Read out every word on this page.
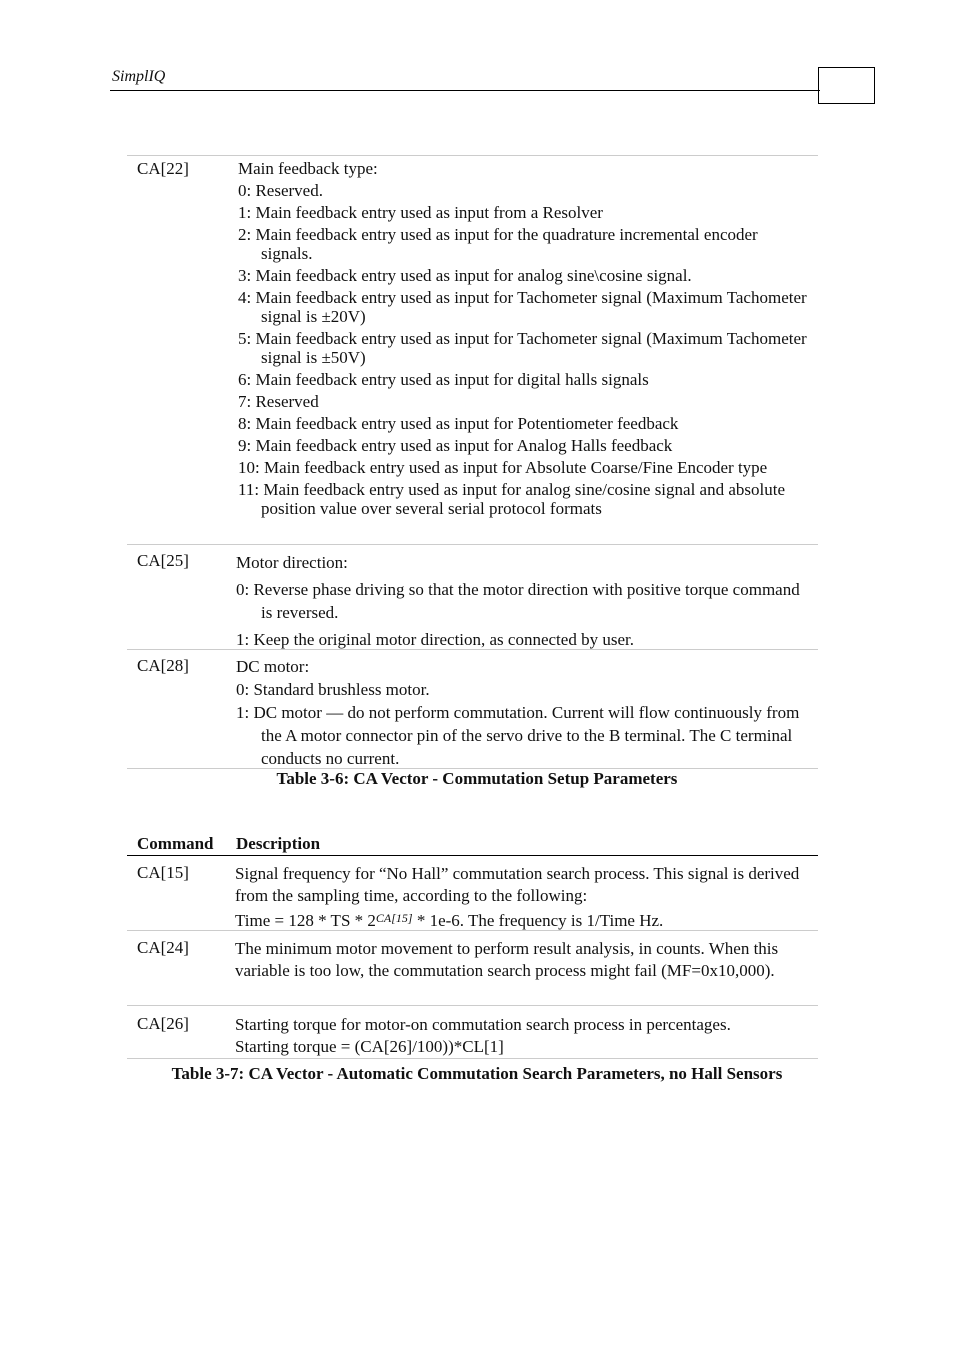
SimplIQ
CA[22]	Main feedback type:
0: Reserved.
1: Main feedback entry used as input from a Resolver
2: Main feedback entry used as input for the quadrature incremental encoder signals.
3: Main feedback entry used as input for analog sine\cosine signal.
4: Main feedback entry used as input for Tachometer signal (Maximum Tachometer signal is ±20V)
5: Main feedback entry used as input for Tachometer signal (Maximum Tachometer signal is ±50V)
6: Main feedback entry used as input for digital halls signals
7: Reserved
8: Main feedback entry used as input for Potentiometer feedback
9: Main feedback entry used as input for Analog Halls feedback
10: Main feedback entry used as input for Absolute Coarse/Fine Encoder type
11: Main feedback entry used as input for analog sine/cosine signal and absolute position value over several serial protocol formats
CA[25]	Motor direction:
0: Reverse phase driving so that the motor direction with positive torque command is reversed.
1: Keep the original motor direction, as connected by user.
CA[28]	DC motor:
0: Standard brushless motor.
1: DC motor — do not perform commutation. Current will flow continuously from the A motor connector pin of the servo drive to the B terminal. The C terminal conducts no current.
Table 3-6: CA Vector - Commutation Setup Parameters
Command Description
CA[15]	Signal frequency for “No Hall” commutation search process. This signal is derived from the sampling time, according to the following:
Time = 128 * TS * $2^{CA[15]} * 1e-6$. The frequency is 1/Time Hz.
CA[24]	The minimum motor movement to perform result analysis, in counts. When this variable is too low, the commutation search process might fail (MF=0x10,000).
CA[26]	Starting torque for motor-on commutation search process in percentages.
Starting torque = (CA[26]/100))*CL[1]
Table 3-7: CA Vector - Automatic Commutation Search Parameters, no Hall Sensors
